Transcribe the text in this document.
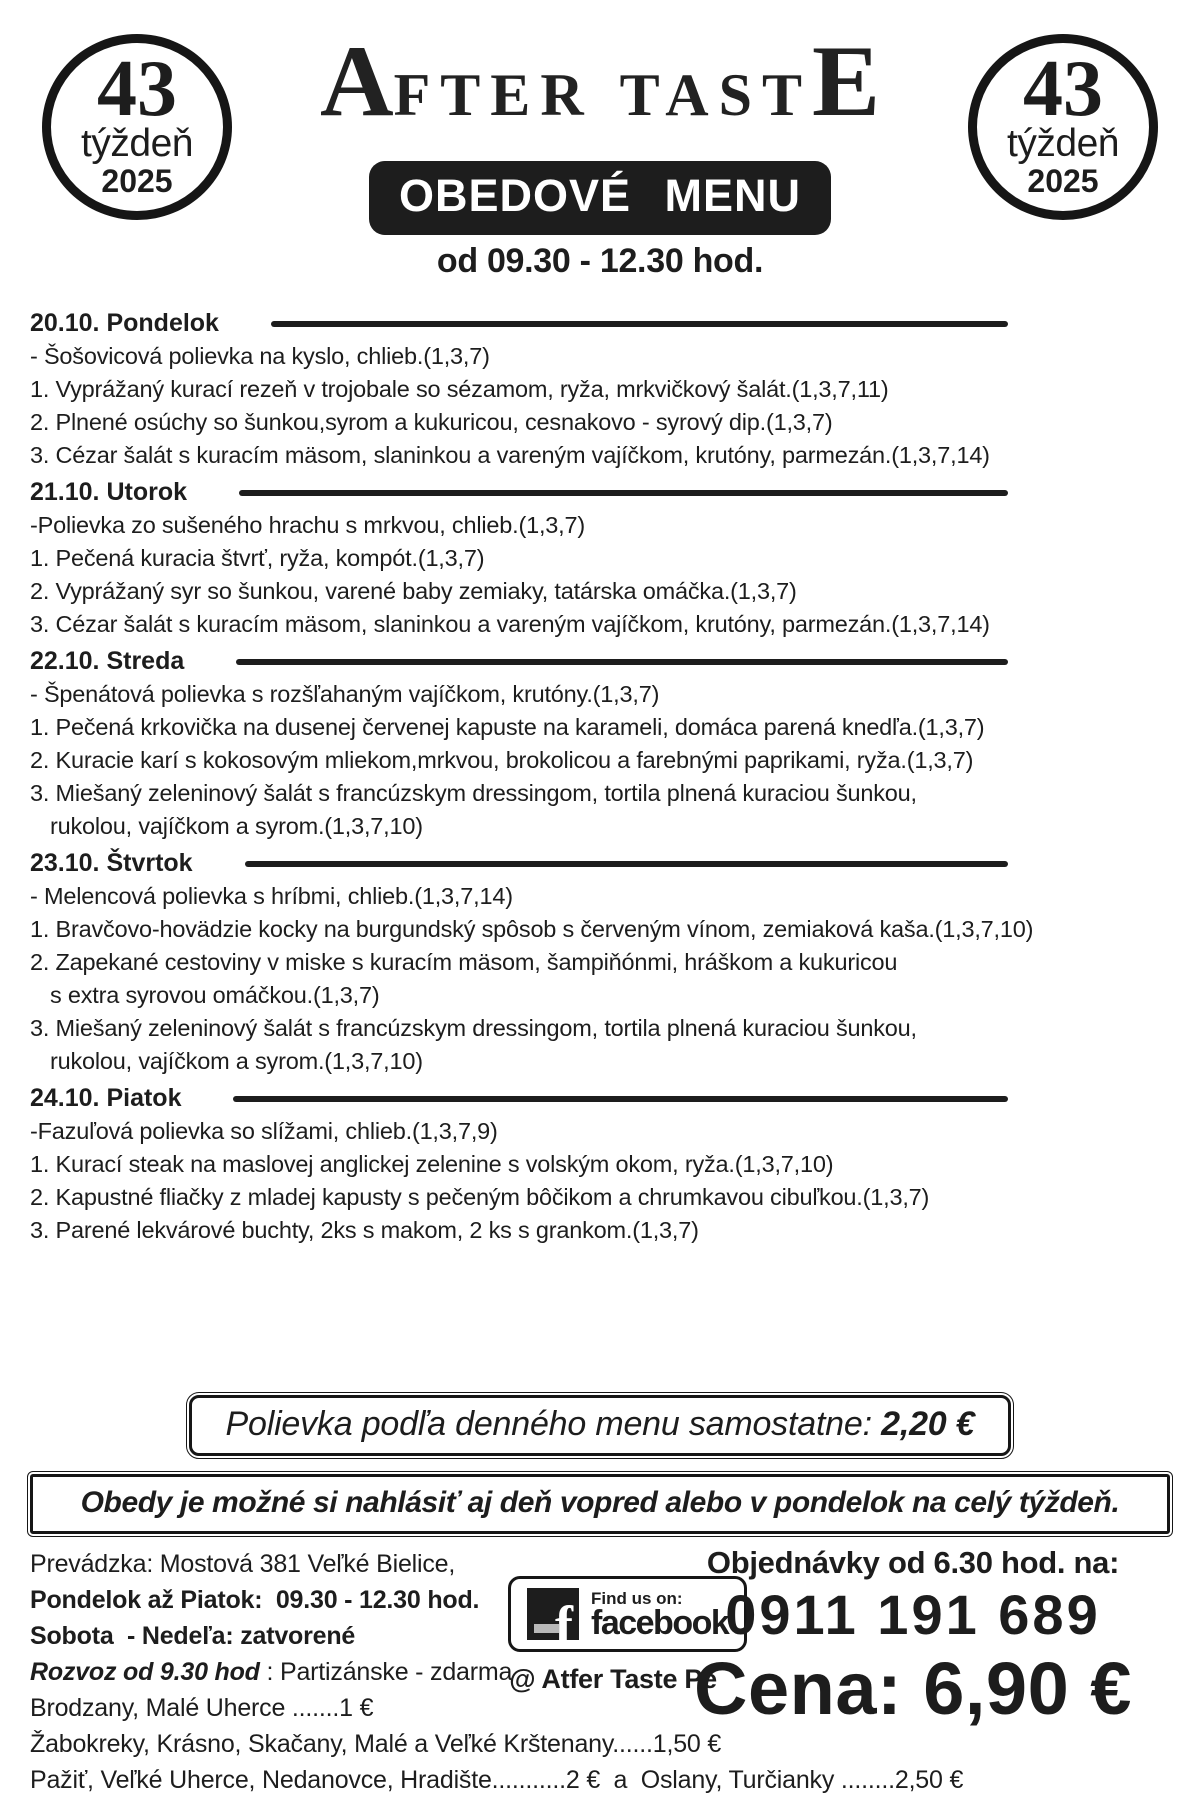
43
týždeň
2025
AFTER TASTE
OBEDOVÉ MENU
od 09.30 - 12.30 hod.
43
týždeň
2025
20.10. Pondelok
- Šošovicová polievka na kyslo, chlieb.(1,3,7)
1. Vyprážaný kurací rezeň v trojobale so sézamom, ryža, mrkvičkový šalát.(1,3,7,11)
2. Plnené osúchy so šunkou,syrom a kukuricou, cesnakovo - syrový dip.(1,3,7)
3. Cézar šalát s kuracím mäsom, slaninkou a vareným vajíčkom, krutóny, parmezán.(1,3,7,14)
21.10. Utorok
-Polievka zo sušeného hrachu s mrkvou, chlieb.(1,3,7)
1. Pečená kuracia štvrť, ryža, kompót.(1,3,7)
2. Vyprážaný syr so šunkou, varené baby zemiaky, tatárska omáčka.(1,3,7)
3. Cézar šalát s kuracím mäsom, slaninkou a vareným vajíčkom, krutóny, parmezán.(1,3,7,14)
22.10. Streda
- Špenátová polievka s rozšľahaným vajíčkom, krutóny.(1,3,7)
1. Pečená krkovička na dusenej červenej kapuste na karameli, domáca parená knedľa.(1,3,7)
2. Kuracie karí s kokosovým mliekom,mrkvou, brokolicou a farebnými paprikami, ryža.(1,3,7)
3. Miešaný zeleninový šalát s francúzskym dressingom, tortila plnená kuraciou šunkou,
rukolou, vajíčkom a syrom.(1,3,7,10)
23.10. Štvrtok
- Melencová polievka s hríbmi, chlieb.(1,3,7,14)
1. Bravčovo-hovädzie kocky na burgundský spôsob s červeným vínom, zemiaková kaša.(1,3,7,10)
2. Zapekané cestoviny v miske s kuracím mäsom, šampiňónmi, hráškom a kukuricou
s extra syrovou omáčkou.(1,3,7)
3. Miešaný zeleninový šalát s francúzskym dressingom, tortila plnená kuraciou šunkou,
rukolou, vajíčkom a syrom.(1,3,7,10)
24.10. Piatok
-Fazuľová polievka so slížami, chlieb.(1,3,7,9)
1. Kurací steak na maslovej anglickej zelenine s volským okom, ryža.(1,3,7,10)
2. Kapustné fliačky z mladej kapusty s pečeným bôčikom a chrumkavou cibuľkou.(1,3,7)
3. Parené lekvárové buchty, 2ks s makom, 2 ks s grankom.(1,3,7)
Polievka podľa denného menu samostatne: 2,20 €
Obedy je možné si nahlásiť aj deň vopred alebo v pondelok na celý týždeň.
Prevádzka: Mostová 381 Veľké Bielice,
Pondelok až Piatok:  09.30 - 12.30 hod.
Sobota  - Nedeľa: zatvorené
Rozvoz od 9.30 hod : Partizánske - zdarma
Brodzany, Malé Uherce .......1 €
Žabokreky, Krásno, Skačany, Malé a Veľké Krštenany......1,50 €
Pažiť, Veľké Uherce, Nedanovce, Hradište...........2 €  a  Oslany, Turčianky ........2,50 €
f Find us on:
facebook
@ Atfer Taste Pe
Objednávky od 6.30 hod. na:
0911 191 689
Cena: 6,90 €
